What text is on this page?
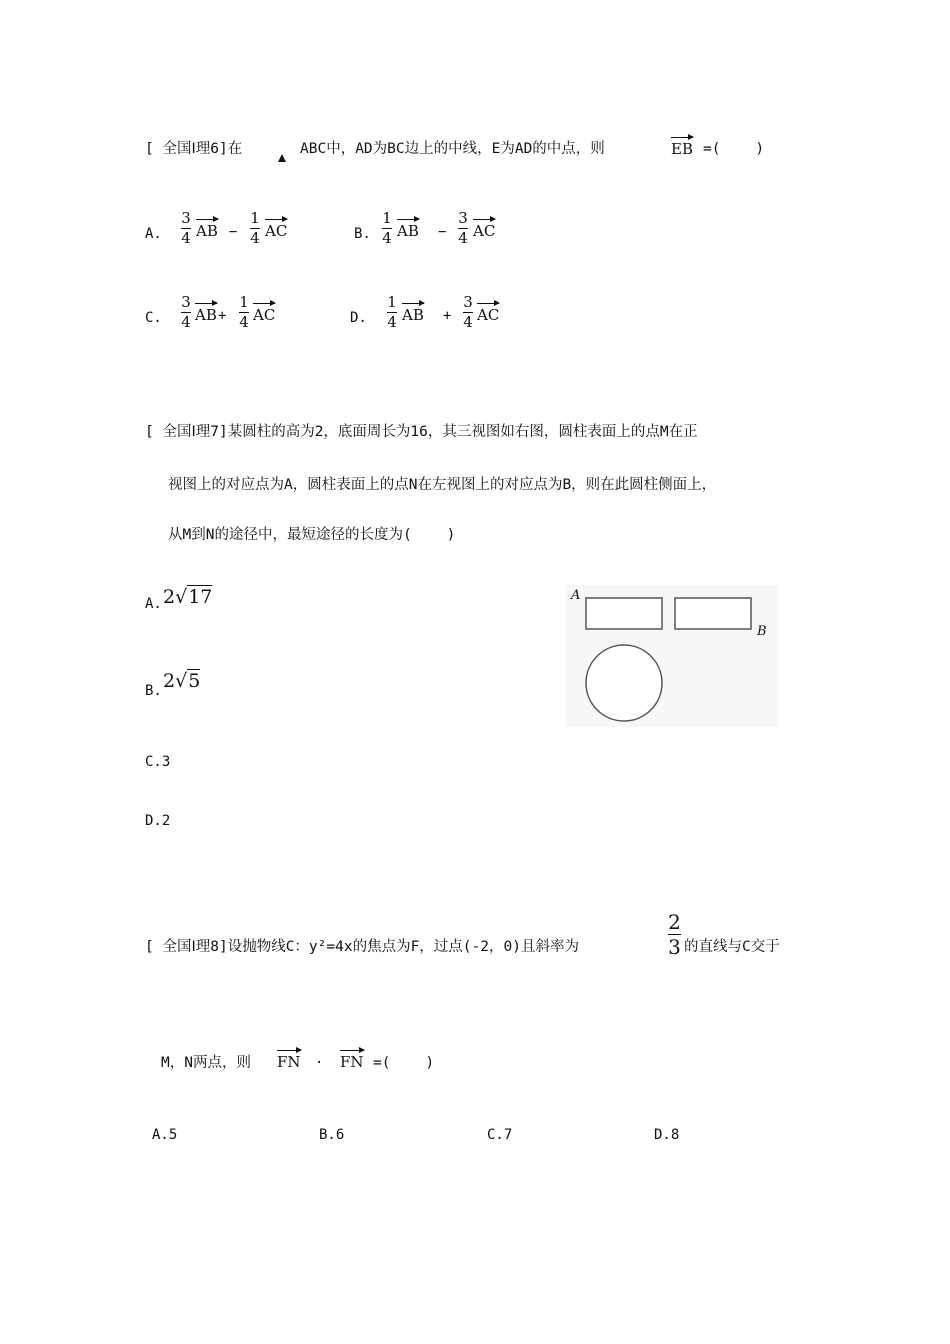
[ 全国Ⅰ理6]在	ABC中，AD为BC边上的中线，E为AD的中点，则	EB =(    )
A.
3
4 AB −
1
4 AC	B.
1
4 AB −
3
4 AC
C.
3
4 AB +
1
4 AC	D.
1
4 AB +
3
4 AC
[ 全国Ⅰ理7]某圆柱的高为2，底面周长为16，其三视图如右图，圆柱表面上的点M在正
视图上的对应点为A，圆柱表面上的点N在左视图上的对应点为B，则在此圆柱侧面上，
从M到N的途径中，最短途径的长度为(    )
A. 2√17
B. 2√5
C.3
D.2
A
B
[ 全国Ⅰ理8]设抛物线C：y²=4x的焦点为F，过点(-2，0)且斜率为
2
3 的直线与C交于
M，N两点，则 FN · FN =(    )
A.5	B.6	C.7	D.8
